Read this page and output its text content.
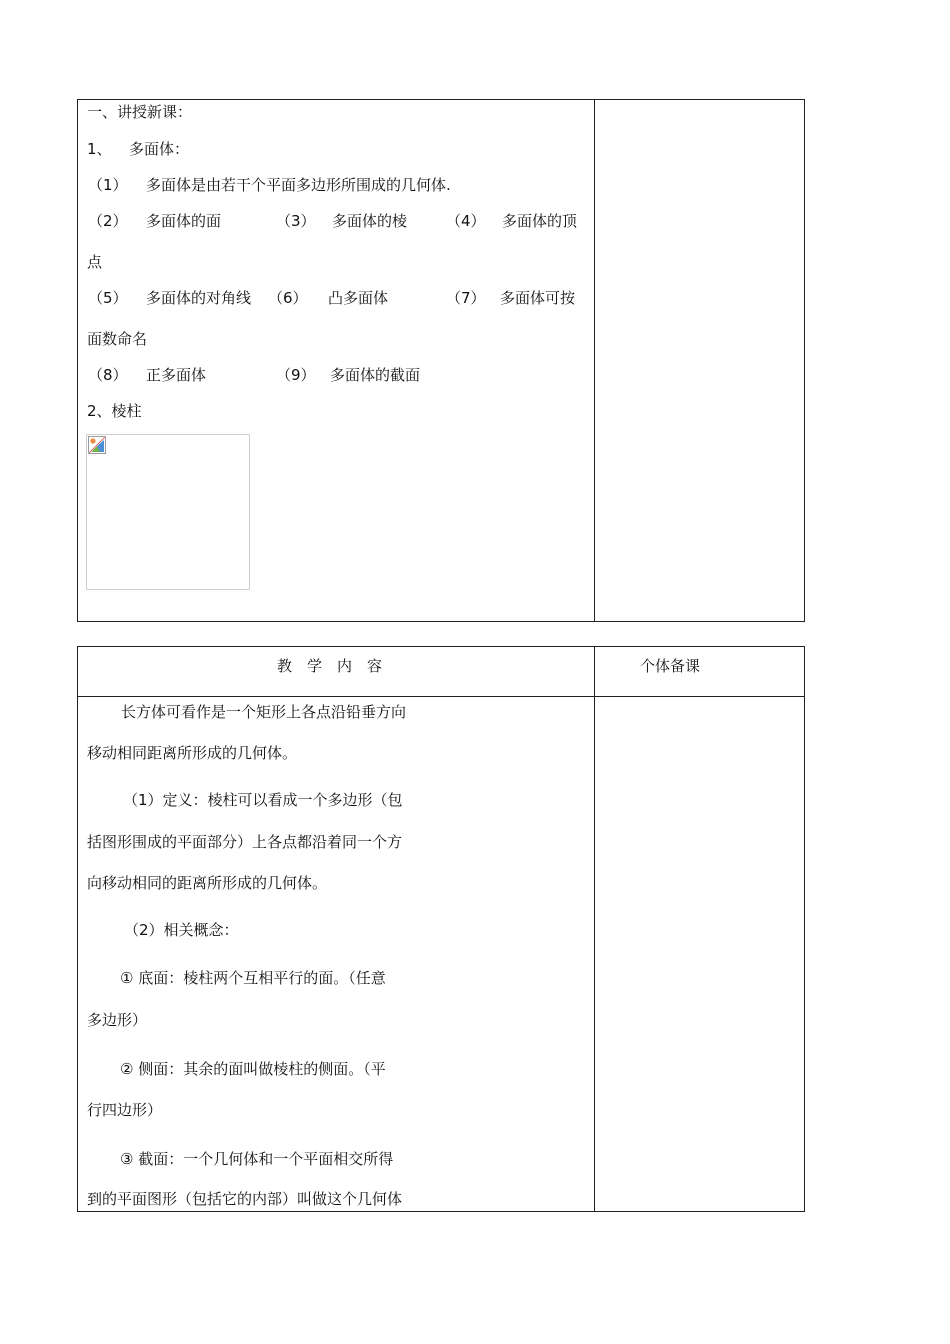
一、讲授新课：
1、 多面体：
（1） 多面体是由若干个平面多边形所围成的几何体.
（2） 多面体的面	（3） 多面体的棱	（4） 多面体的顶
点
（5） 多面体的对角线 （6） 凸多面体	（7） 多面体可按
面数命名
（8） 正多面体	（9） 多面体的截面
2、棱柱
教　学　内　容	个体备课
长方体可看作是一个矩形上各点沿铅垂方向
移动相同距离所形成的几何体。
（1）定义：棱柱可以看成一个多边形（包
括图形围成的平面部分）上各点都沿着同一个方
向移动相同的距离所形成的几何体。
（2）相关概念：
① 底面：棱柱两个互相平行的面。（任意
多边形）
② 侧面：其余的面叫做棱柱的侧面。（平
行四边形）
③ 截面：一个几何体和一个平面相交所得
到的平面图形（包括它的内部）叫做这个几何体
